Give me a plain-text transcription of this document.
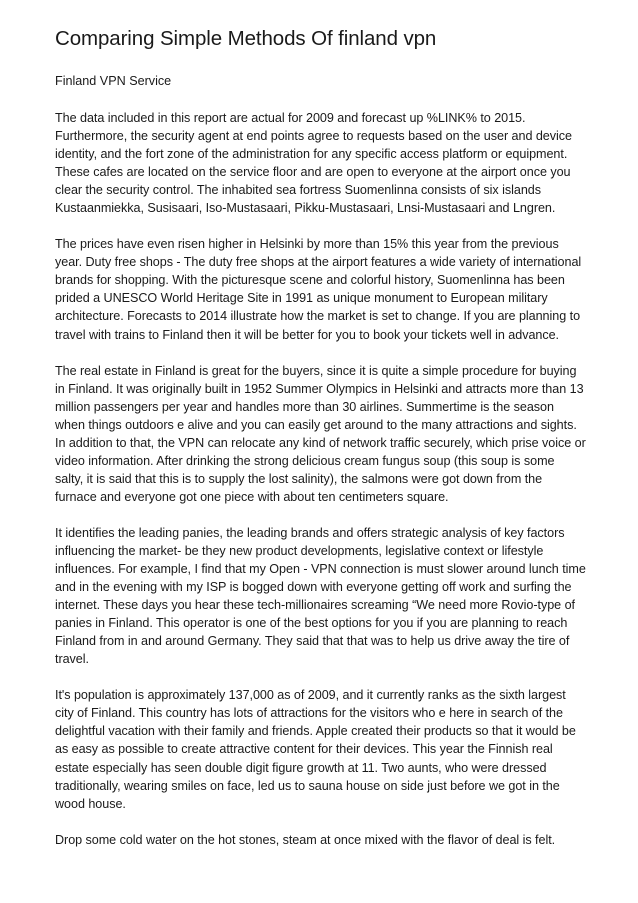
Comparing Simple Methods Of finland vpn
Finland VPN Service

The data included in this report are actual for 2009 and forecast up %LINK% to 2015. Furthermore, the security agent at end points agree to requests based on the user and device identity, and the fort zone of the administration for any specific access platform or equipment. These cafes are located on the service floor and are open to everyone at the airport once you clear the security control. The inhabited sea fortress Suomenlinna consists of six islands Kustaanmiekka, Susisaari, Iso-Mustasaari, Pikku-Mustasaari, Lnsi-Mustasaari and Lngren.

The prices have even risen higher in Helsinki by more than 15% this year from the previous year. Duty free shops - The duty free shops at the airport features a wide variety of international brands for shopping. With the picturesque scene and colorful history, Suomenlinna has been prided a UNESCO World Heritage Site in 1991 as unique monument to European military architecture. Forecasts to 2014 illustrate how the market is set to change. If you are planning to travel with trains to Finland then it will be better for you to book your tickets well in advance.

The real estate in Finland is great for the buyers, since it is quite a simple procedure for buying in Finland. It was originally built in 1952 Summer Olympics in Helsinki and attracts more than 13 million passengers per year and handles more than 30 airlines. Summertime is the season when things outdoors e alive and you can easily get around to the many attractions and sights. In addition to that, the VPN can relocate any kind of network traffic securely, which prise voice or video information. After drinking the strong delicious cream fungus soup (this soup is some salty, it is said that this is to supply the lost salinity), the salmons were got down from the furnace and everyone got one piece with about ten centimeters square.

It identifies the leading panies, the leading brands and offers strategic analysis of key factors influencing the market- be they new product developments, legislative context or lifestyle influences. For example, I find that my Open - VPN connection is must slower around lunch time and in the evening with my ISP is bogged down with everyone getting off work and surfing the internet. These days you hear these tech-millionaires screaming “We need more Rovio-type of panies in Finland. This operator is one of the best options for you if you are planning to reach Finland from in and around Germany. They said that that was to help us drive away the tire of travel.

It's population is approximately 137,000 as of 2009, and it currently ranks as the sixth largest city of Finland. This country has lots of attractions for the visitors who e here in search of the delightful vacation with their family and friends. Apple created their products so that it would be as easy as possible to create attractive content for their devices. This year the Finnish real estate especially has seen double digit figure growth at 11. Two aunts, who were dressed traditionally, wearing smiles on face, led us to sauna house on side just before we got in the wood house.

Drop some cold water on the hot stones, steam at once mixed with the flavor of deal is felt.
